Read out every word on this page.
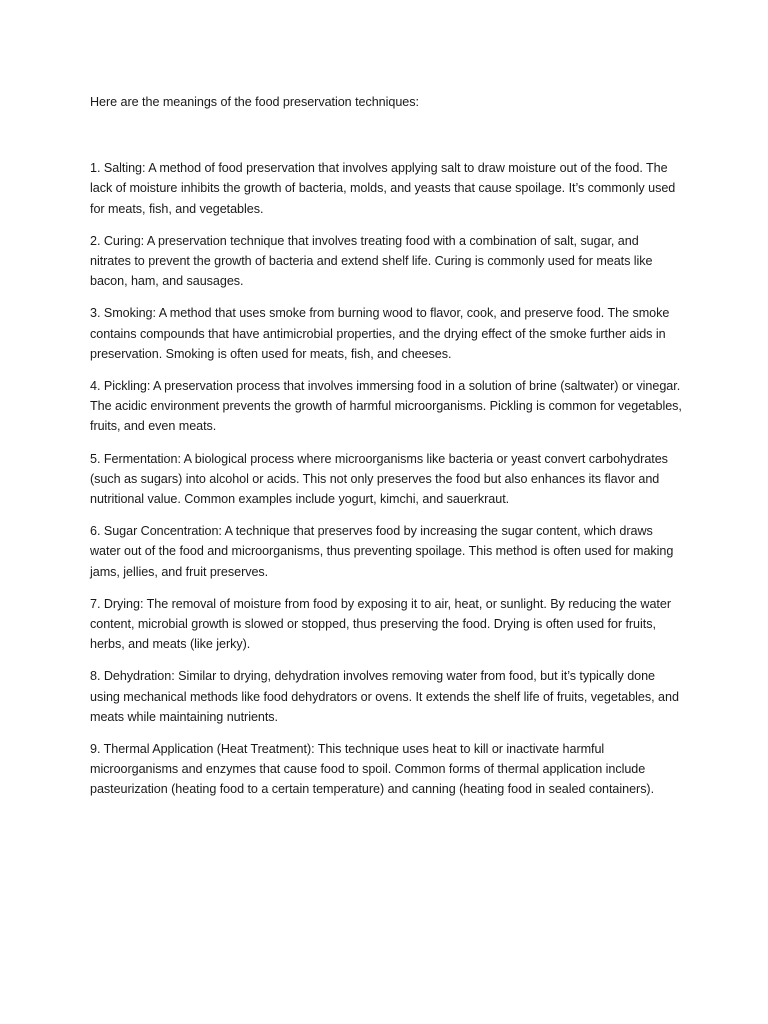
Here are the meanings of the food preservation techniques:

1. Salting: A method of food preservation that involves applying salt to draw moisture out of the food. The lack of moisture inhibits the growth of bacteria, molds, and yeasts that cause spoilage. It’s commonly used for meats, fish, and vegetables.

2. Curing: A preservation technique that involves treating food with a combination of salt, sugar, and nitrates to prevent the growth of bacteria and extend shelf life. Curing is commonly used for meats like bacon, ham, and sausages.

3. Smoking: A method that uses smoke from burning wood to flavor, cook, and preserve food. The smoke contains compounds that have antimicrobial properties, and the drying effect of the smoke further aids in preservation. Smoking is often used for meats, fish, and cheeses.

4. Pickling: A preservation process that involves immersing food in a solution of brine (saltwater) or vinegar. The acidic environment prevents the growth of harmful microorganisms. Pickling is common for vegetables, fruits, and even meats.

5. Fermentation: A biological process where microorganisms like bacteria or yeast convert carbohydrates (such as sugars) into alcohol or acids. This not only preserves the food but also enhances its flavor and nutritional value. Common examples include yogurt, kimchi, and sauerkraut.

6. Sugar Concentration: A technique that preserves food by increasing the sugar content, which draws water out of the food and microorganisms, thus preventing spoilage. This method is often used for making jams, jellies, and fruit preserves.

7. Drying: The removal of moisture from food by exposing it to air, heat, or sunlight. By reducing the water content, microbial growth is slowed or stopped, thus preserving the food. Drying is often used for fruits, herbs, and meats (like jerky).

8. Dehydration: Similar to drying, dehydration involves removing water from food, but it’s typically done using mechanical methods like food dehydrators or ovens. It extends the shelf life of fruits, vegetables, and meats while maintaining nutrients.

9. Thermal Application (Heat Treatment): This technique uses heat to kill or inactivate harmful microorganisms and enzymes that cause food to spoil. Common forms of thermal application include pasteurization (heating food to a certain temperature) and canning (heating food in sealed containers).
